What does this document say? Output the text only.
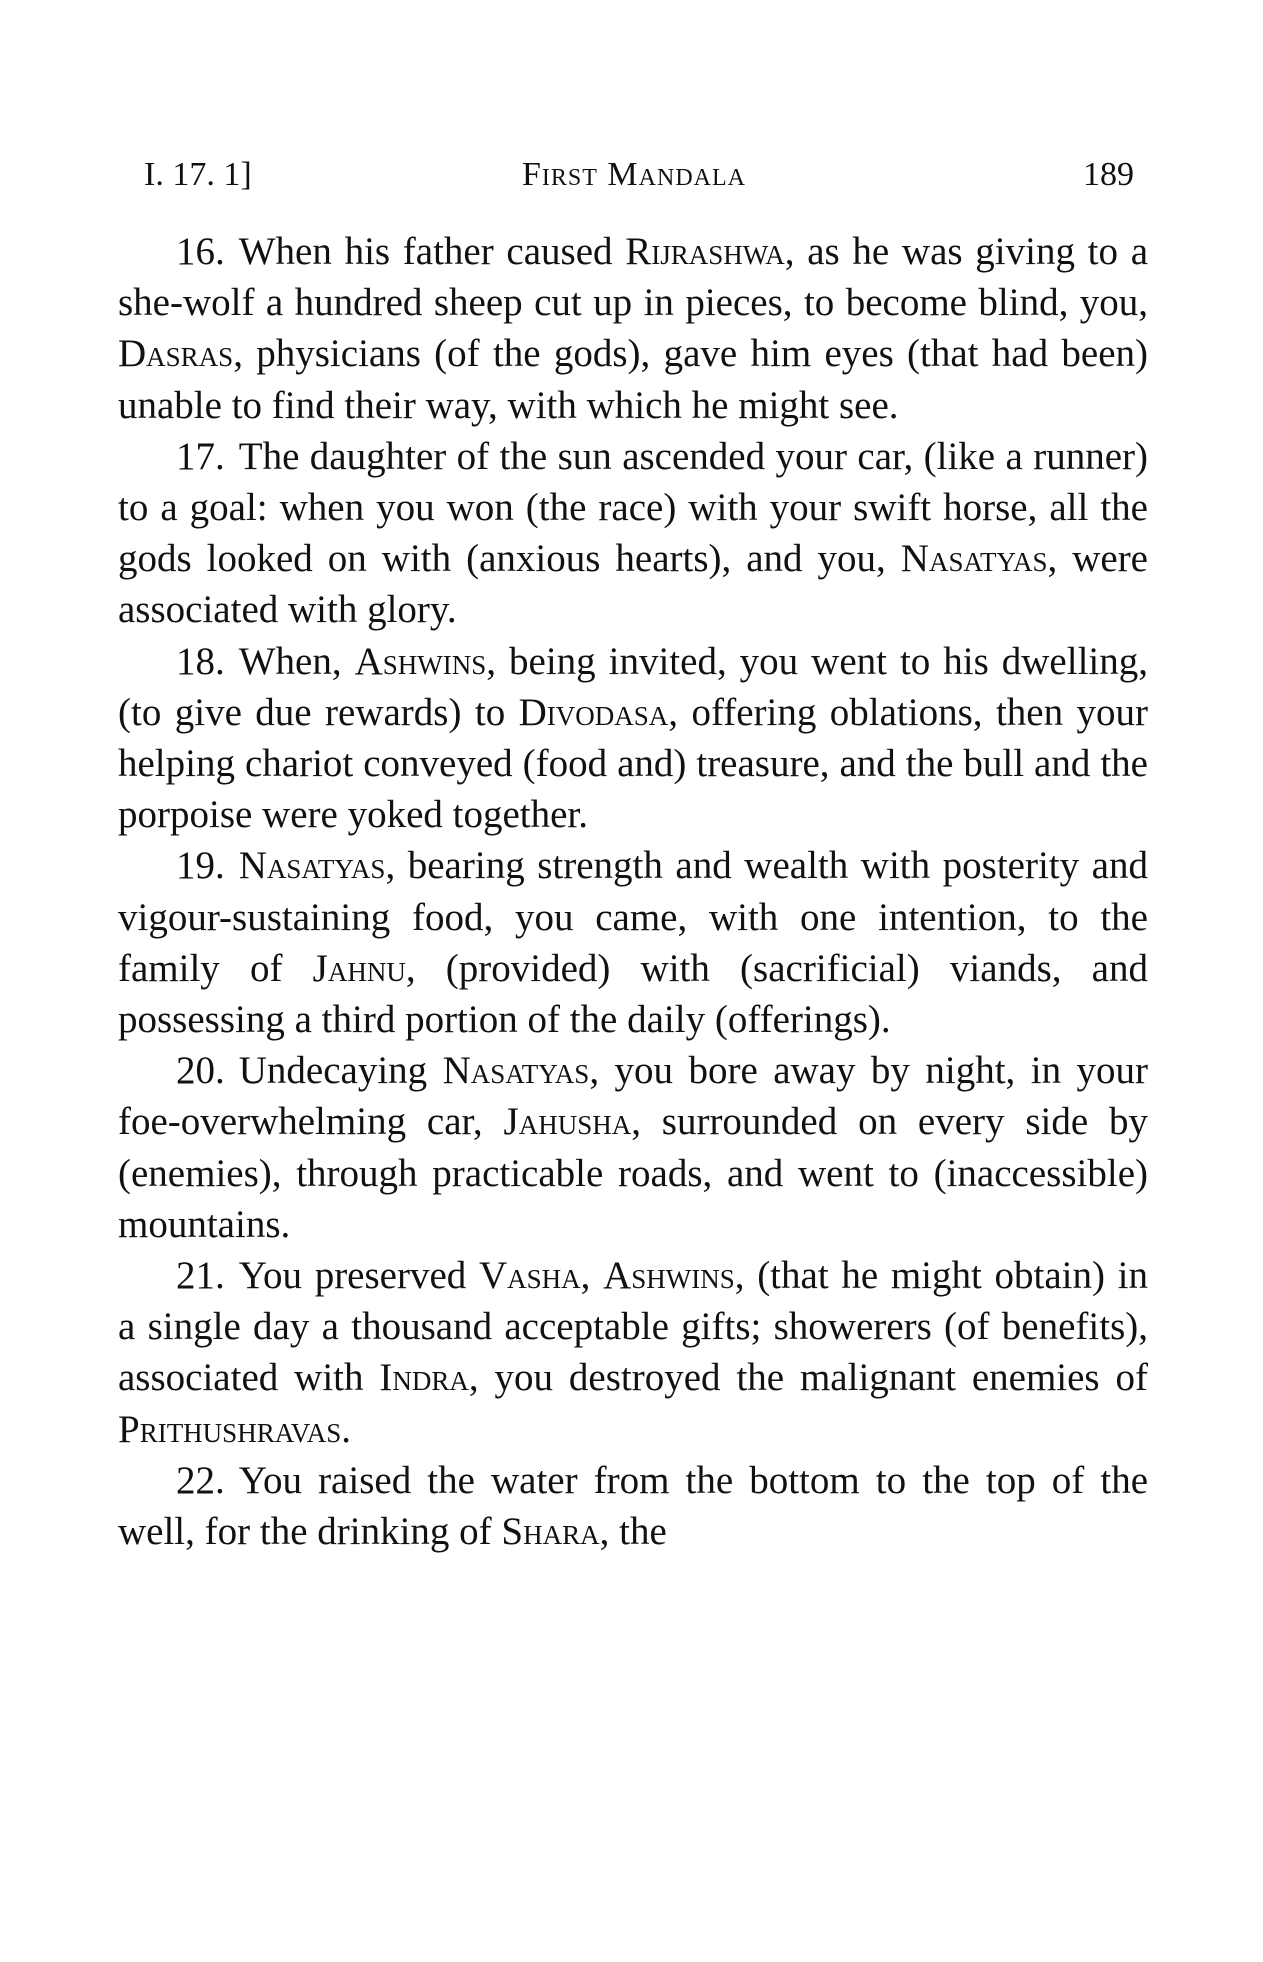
I. 17. 1]	First Mandala	189

16. When his father caused Rijrashwa, as he was giving to a she-wolf a hundred sheep cut up in pieces, to become blind, you, Dasras, physicians (of the gods), gave him eyes (that had been) unable to find their way, with which he might see.

17. The daughter of the sun ascended your car, (like a runner) to a goal: when you won (the race) with your swift horse, all the gods looked on with (anxious hearts), and you, Nasatyas, were associated with glory.

18. When, Ashwins, being invited, you went to his dwelling, (to give due rewards) to Divodasa, offering oblations, then your helping chariot conveyed (food and) treasure, and the bull and the porpoise were yoked together.

19. Nasatyas, bearing strength and wealth with posterity and vigour-sustaining food, you came, with one intention, to the family of Jahnu, (provided) with (sacrificial) viands, and possessing a third portion of the daily (offerings).

20. Undecaying Nasatyas, you bore away by night, in your foe-overwhelming car, Jahusha, surrounded on every side by (enemies), through practicable roads, and went to (inaccessible) mountains.

21. You preserved Vasha, Ashwins, (that he might obtain) in a single day a thousand acceptable gifts; showerers (of benefits), associated with Indra, you destroyed the malignant enemies of Prithushravas.

22. You raised the water from the bottom to the top of the well, for the drinking of Shara, the
